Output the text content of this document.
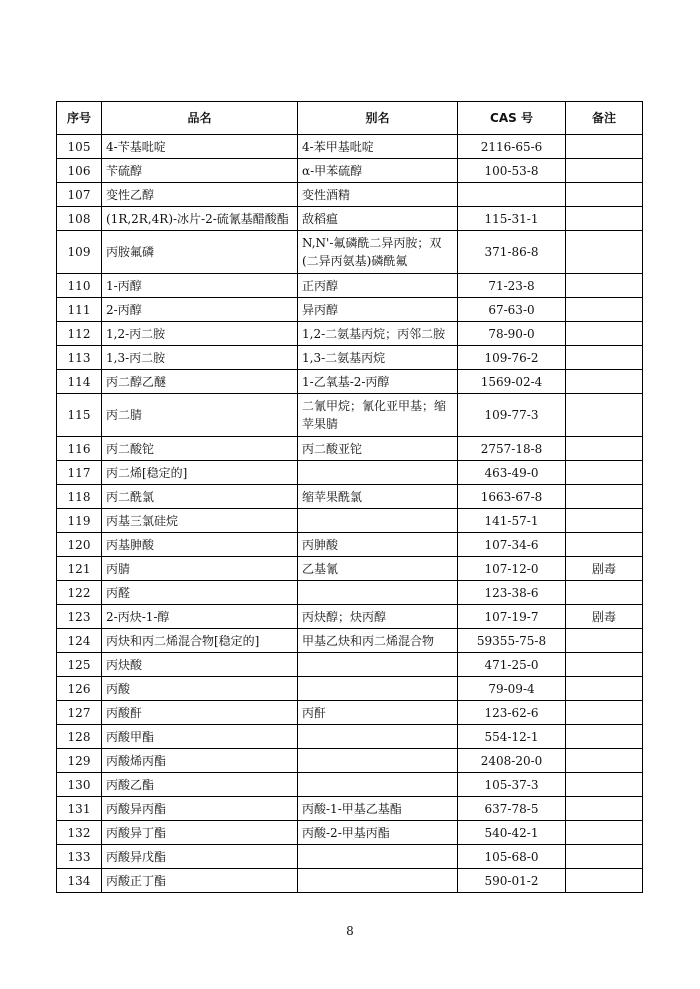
序号	品名	别名	CAS 号	备注
105	4-苄基吡啶	4-苯甲基吡啶	2116-65-6	
106	苄硫醇	α-甲苯硫醇	100-53-8	
107	变性乙醇	变性酒精		
108	(1R,2R,4R)-冰片-2-硫氰基醋酸酯	敌稻瘟	115-31-1	
109	丙胺氟磷	N,N'-氟磷酰二异丙胺；双(二异丙氨基)磷酰氟	371-86-8	
110	1-丙醇	正丙醇	71-23-8	
111	2-丙醇	异丙醇	67-63-0	
112	1,2-丙二胺	1,2-二氨基丙烷；丙邻二胺	78-90-0	
113	1,3-丙二胺	1,3-二氨基丙烷	109-76-2	
114	丙二醇乙醚	1-乙氧基-2-丙醇	1569-02-4	
115	丙二腈	二氰甲烷；氰化亚甲基；缩苹果腈	109-77-3	
116	丙二酸铊	丙二酸亚铊	2757-18-8	
117	丙二烯[稳定的]		463-49-0	
118	丙二酰氯	缩苹果酰氯	1663-67-8	
119	丙基三氯硅烷		141-57-1	
120	丙基胂酸	丙胂酸	107-34-6	
121	丙腈	乙基氰	107-12-0	剧毒
122	丙醛		123-38-6	
123	2-丙炔-1-醇	丙炔醇；炔丙醇	107-19-7	剧毒
124	丙炔和丙二烯混合物[稳定的]	甲基乙炔和丙二烯混合物	59355-75-8	
125	丙炔酸		471-25-0	
126	丙酸		79-09-4	
127	丙酸酐	丙酐	123-62-6	
128	丙酸甲酯		554-12-1	
129	丙酸烯丙酯		2408-20-0	
130	丙酸乙酯		105-37-3	
131	丙酸异丙酯	丙酸-1-甲基乙基酯	637-78-5	
132	丙酸异丁酯	丙酸-2-甲基丙酯	540-42-1	
133	丙酸异戊酯		105-68-0	
134	丙酸正丁酯		590-01-2	
8
